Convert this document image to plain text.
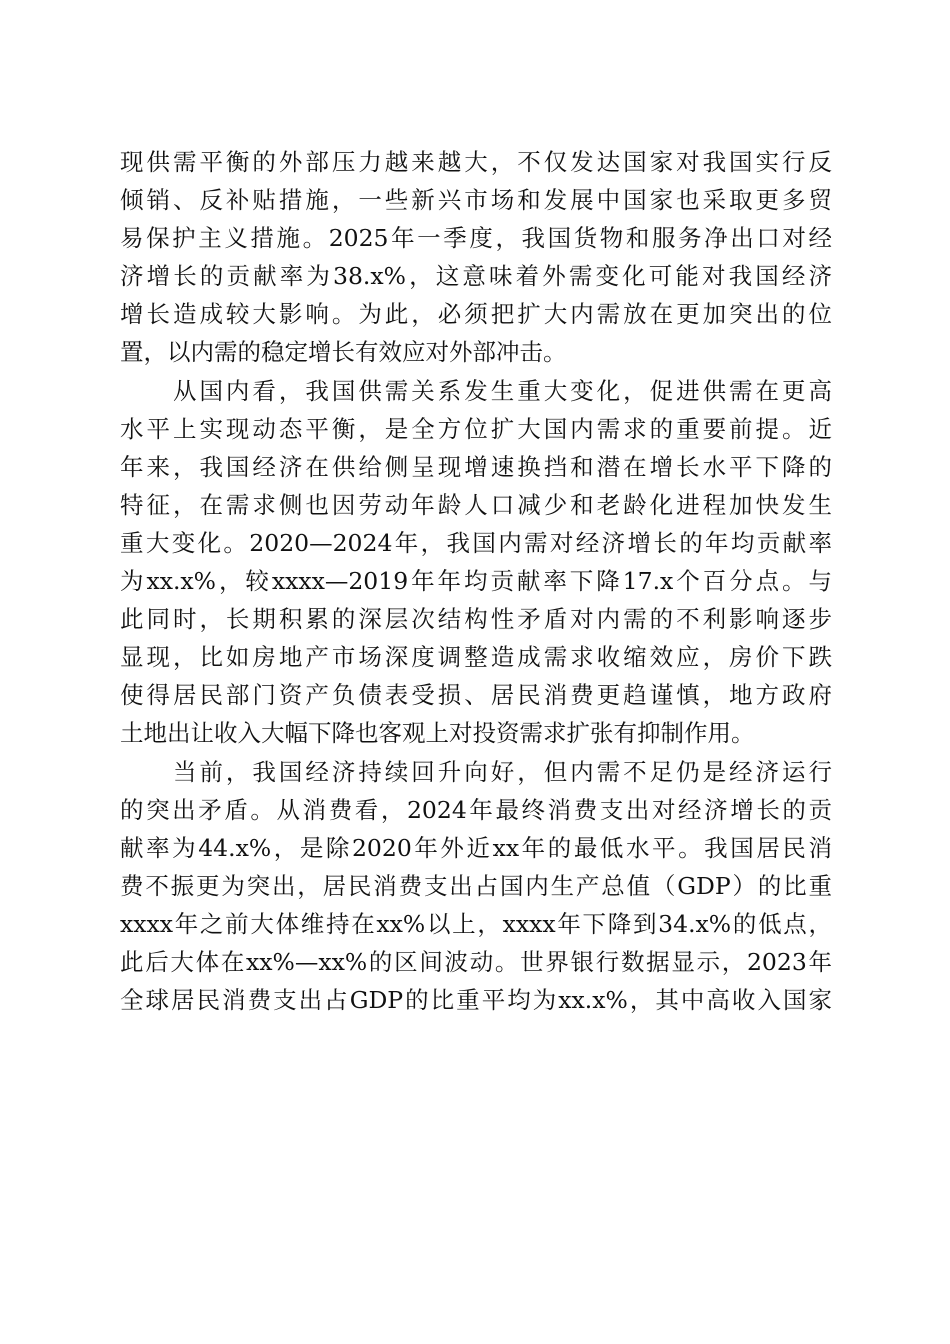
现供需平衡的外部压力越来越大，不仅发达国家对我国实行反
倾销、反补贴措施，一些新兴市场和发展中国家也采取更多贸
易保护主义措施。2025年一季度，我国货物和服务净出口对经
济增长的贡献率为38.x%，这意味着外需变化可能对我国经济
增长造成较大影响。为此，必须把扩大内需放在更加突出的位
置，以内需的稳定增长有效应对外部冲击。
　　从国内看，我国供需关系发生重大变化，促进供需在更高
水平上实现动态平衡，是全方位扩大国内需求的重要前提。近
年来，我国经济在供给侧呈现增速换挡和潜在增长水平下降的
特征，在需求侧也因劳动年龄人口减少和老龄化进程加快发生
重大变化。2020—2024年，我国内需对经济增长的年均贡献率
为xx.x%，较xxxx—2019年年均贡献率下降17.x个百分点。与
此同时，长期积累的深层次结构性矛盾对内需的不利影响逐步
显现，比如房地产市场深度调整造成需求收缩效应，房价下跌
使得居民部门资产负债表受损、居民消费更趋谨慎，地方政府
土地出让收入大幅下降也客观上对投资需求扩张有抑制作用。
　　当前，我国经济持续回升向好，但内需不足仍是经济运行
的突出矛盾。从消费看，2024年最终消费支出对经济增长的贡
献率为44.x%，是除2020年外近xx年的最低水平。我国居民消
费不振更为突出，居民消费支出占国内生产总值（GDP）的比重
xxxx年之前大体维持在xx%以上，xxxx年下降到34.x%的低点，
此后大体在xx%—xx%的区间波动。世界银行数据显示，2023年
全球居民消费支出占GDP的比重平均为xx.x%，其中高收入国家
